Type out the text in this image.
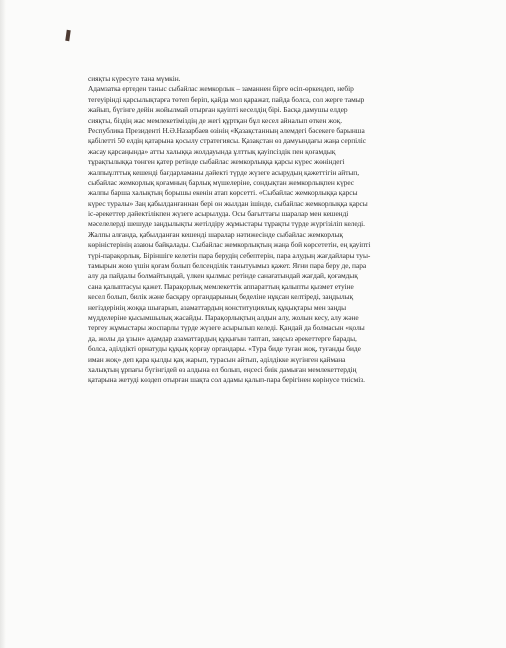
сияқты күресуге тана мүмкін.
Адамзатка ертеден таныс сыбайлас жемкорлык – заманнен бірге өсіп-өркендеп, небір
тегеуірінді қарсылықтарға төтеп беріп, қайда мол қаражат, пайда болса, сол жерге тамыр
жайып, бүгінге дейін жойылмай отырған қауіпті кеселдің бірі. Басқа дамушы елдер
сияқты, біздің жас мемлекетіміздің де жегі құртқан бұл кесел айналып өткен жоқ.
Республика Президенті Н.Ә.Назарбаев өзінің «Қазақстанның әлемдегі бәсекеге барынша
қабілетті 50 елдің қатарына қосылу стратегиясы. Қазақстан өз дамуындағы жаңа серпіліс
жасау қарсаңында» атты халыққа жолдауында ұлттық қауіпсіздік пен қоғамдық
тұрақтылыққа төнген қатер ретінде сыбайлас жемкорлыққа қарсы күрес жөніндегі
жалпыұлттық кешенді бағдарламаны дәйекті түрде жүзеге асырудың қажеттігін айтып,
сыбайлас жемкорлық қоғамның барлық мүшелеріне, сондықтан жемкорлықпен күрес
жалпы барша халықтың борышы екенін атап көрсетті. «Сыбайлас жемкорлыққа қарсы
күрес туралы» Заң қабылданғаннан бері он жылдан ішінде, сыбайлас жемкорлыққа қарсы
іс-әрекеттер дәйектілікпен жүзеге асырылуда. Осы бағыттағы шаралар мен кешенді
мәселелерді шешуде заңдылықты жетілдіру жұмыстары тұрақты түрде жүргізіліп келеді.
Жалпы алғанда, қабылданған кешенді шаралар нәтижесінде сыбайлас жемкорлық
көріністерінің азаюы байқалады. Сыбайлас жемкорлықтың жаңа бой көрсететін, ең қауіпті
түрі-парақорлық. Біріншіге келетін пара берудің себептерін, пара алудың жағдайлары туы-
тамырын жою үшін қоғам болып белсенділік танытуымыз қажет. Яғни пара беру де, пара
алу да пайдалы болмайтындай, үлкен қылмыс ретінде санағатындай жағдай, қоғамдық
сана қалыптасуы қажет. Парақорлық мемлекеттік аппараттың қалыпты қызмет етуіне
кесел болып, билік және басқару органдарының беделіне нұқсан келтіреді, заңдылық
негіздерінің жоққа шығарып, азаматтардың конституциялық құқықтары мен заңды
мүдделеріне қысымшылық жасайды. Парақорлықтың алдын алу, жолын кесу, алу және
тергеу жұмыстары жоспарлы түрде жүзеге асырылып келеді. Қандай да болмасын «қолы
да, жолы да ұзын» адамдар азаматтардың құқығын таптап, заңсыз әрекеттерге барады,
болса, әділдікті орнатуды құқық қорғау органдары. «Тура биде туған жоқ, туғанды биде
иман жоқ» деп қара қылды қақ жарып, турасын айтып, әділдікке жүгінген қаймана
халықтың ұрпағы бүгінгідей өз алдына ел болып, еңсесі биік дамыған мемлекеттердің
қатарына жетуді көздеп отырған шақта сол адамы қалып-пара берігінен көрінусе тиісміз.
